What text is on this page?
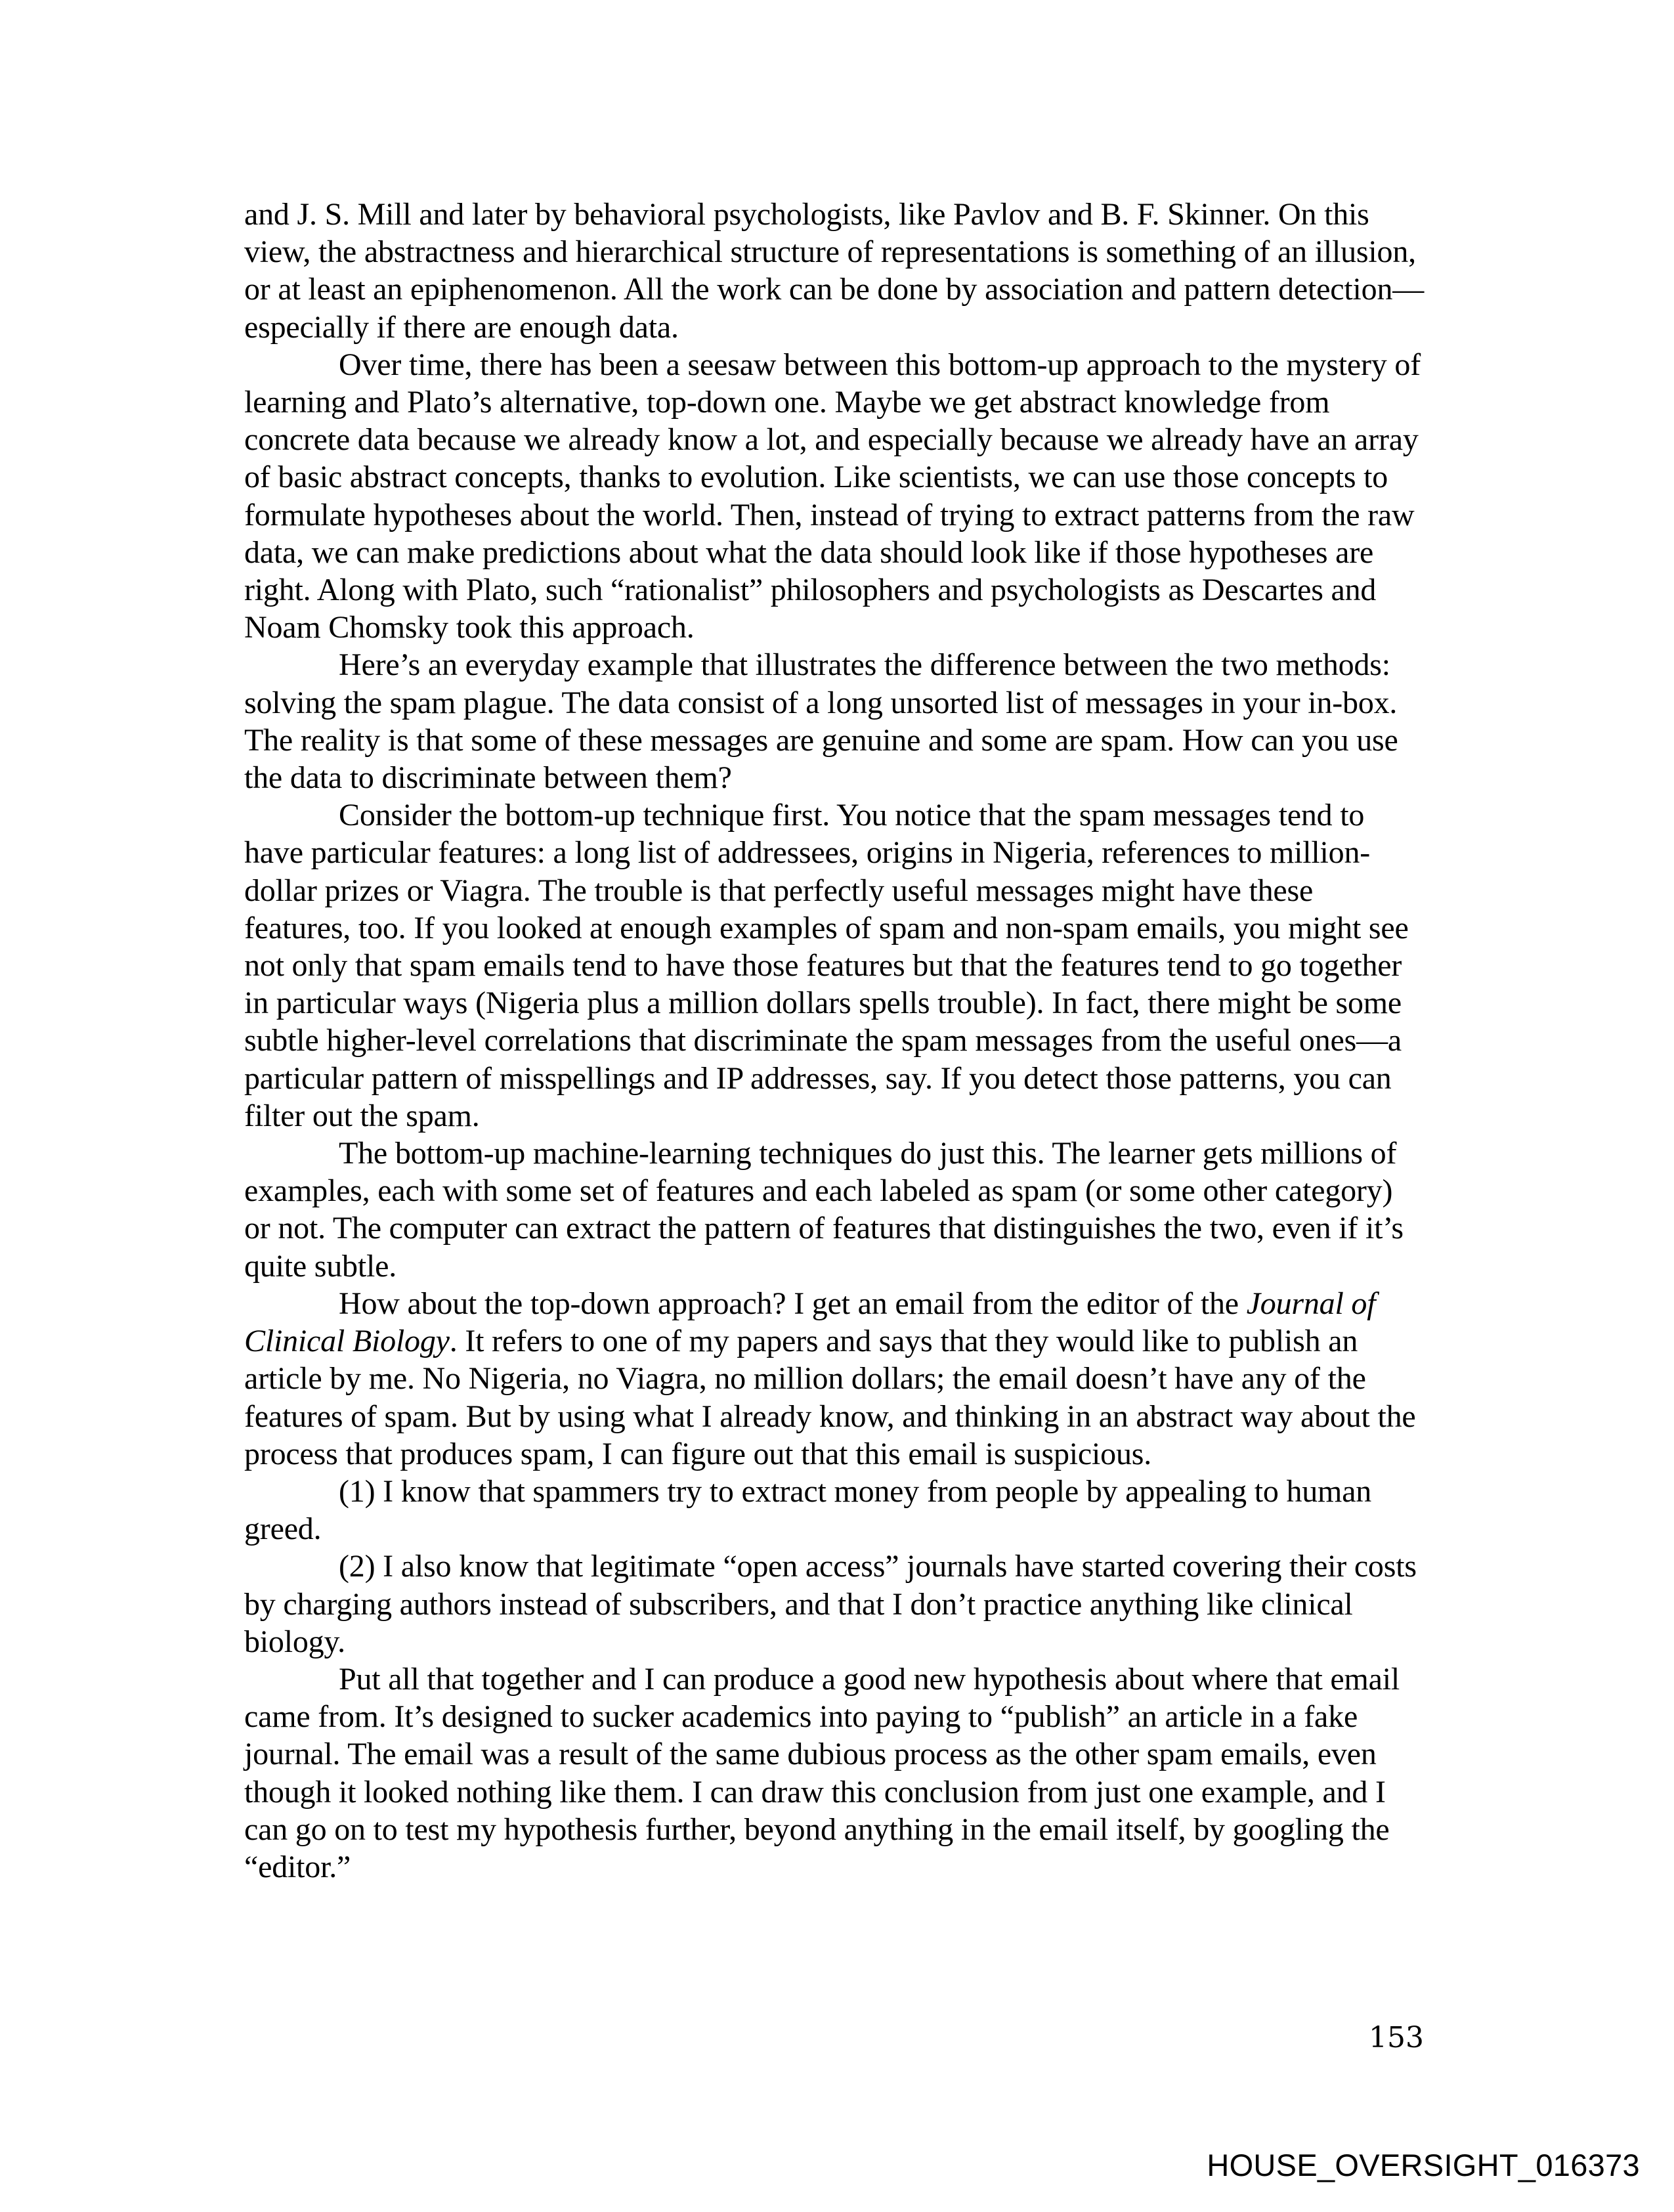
and J. S. Mill and later by behavioral psychologists, like Pavlov and B. F. Skinner. On this view, the abstractness and hierarchical structure of representations is something of an illusion, or at least an epiphenomenon. All the work can be done by association and pattern detection—especially if there are enough data.

Over time, there has been a seesaw between this bottom-up approach to the mystery of learning and Plato’s alternative, top-down one. Maybe we get abstract knowledge from concrete data because we already know a lot, and especially because we already have an array of basic abstract concepts, thanks to evolution. Like scientists, we can use those concepts to formulate hypotheses about the world. Then, instead of trying to extract patterns from the raw data, we can make predictions about what the data should look like if those hypotheses are right. Along with Plato, such “rationalist” philosophers and psychologists as Descartes and Noam Chomsky took this approach.

Here’s an everyday example that illustrates the difference between the two methods: solving the spam plague. The data consist of a long unsorted list of messages in your in-box. The reality is that some of these messages are genuine and some are spam. How can you use the data to discriminate between them?

Consider the bottom-up technique first. You notice that the spam messages tend to have particular features: a long list of addressees, origins in Nigeria, references to million-dollar prizes or Viagra. The trouble is that perfectly useful messages might have these features, too. If you looked at enough examples of spam and non-spam emails, you might see not only that spam emails tend to have those features but that the features tend to go together in particular ways (Nigeria plus a million dollars spells trouble). In fact, there might be some subtle higher-level correlations that discriminate the spam messages from the useful ones—a particular pattern of misspellings and IP addresses, say. If you detect those patterns, you can filter out the spam.

The bottom-up machine-learning techniques do just this. The learner gets millions of examples, each with some set of features and each labeled as spam (or some other category) or not. The computer can extract the pattern of features that distinguishes the two, even if it’s quite subtle.

How about the top-down approach? I get an email from the editor of the Journal of Clinical Biology. It refers to one of my papers and says that they would like to publish an article by me. No Nigeria, no Viagra, no million dollars; the email doesn’t have any of the features of spam. But by using what I already know, and thinking in an abstract way about the process that produces spam, I can figure out that this email is suspicious.

(1) I know that spammers try to extract money from people by appealing to human greed.

(2) I also know that legitimate “open access” journals have started covering their costs by charging authors instead of subscribers, and that I don’t practice anything like clinical biology.

Put all that together and I can produce a good new hypothesis about where that email came from. It’s designed to sucker academics into paying to “publish” an article in a fake journal. The email was a result of the same dubious process as the other spam emails, even though it looked nothing like them. I can draw this conclusion from just one example, and I can go on to test my hypothesis further, beyond anything in the email itself, by googling the “editor.”

153
HOUSE_OVERSIGHT_016373
